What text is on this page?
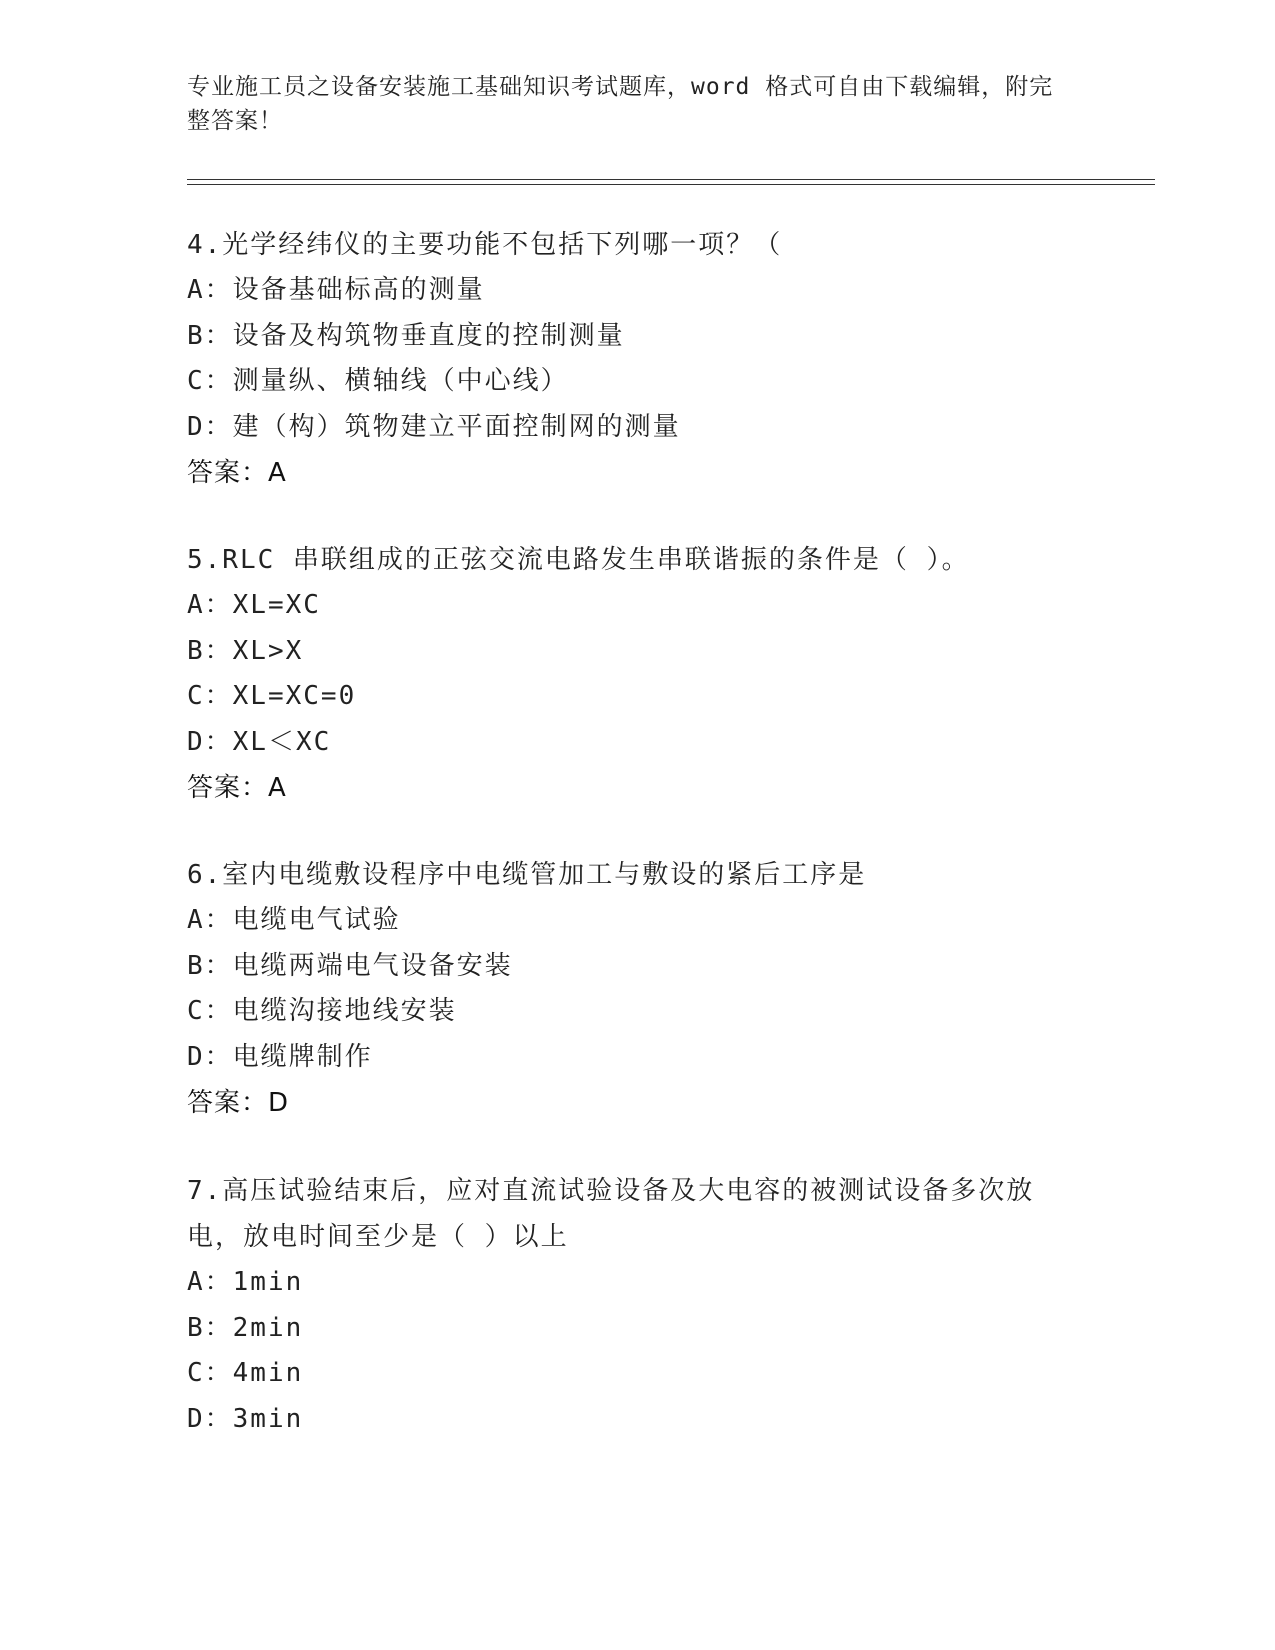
专业施工员之设备安装施工基础知识考试题库，word 格式可自由下载编辑，附完整答案！
4.光学经纬仪的主要功能不包括下列哪一项？（
A：设备基础标高的测量
B：设备及构筑物垂直度的控制测量
C：测量纵、横轴线（中心线）
D：建（构）筑物建立平面控制网的测量
答案：A
5.RLC 串联组成的正弦交流电路发生串联谐振的条件是（ ）。
A：XL=XC
B：XL>X
C：XL=XC=0
D：XL＜XC
答案：A
6.室内电缆敷设程序中电缆管加工与敷设的紧后工序是
A：电缆电气试验
B：电缆两端电气设备安装
C：电缆沟接地线安装
D：电缆牌制作
答案：D
7.高压试验结束后，应对直流试验设备及大电容的被测试设备多次放电，放电时间至少是（ ）以上
A：1min
B：2min
C：4min
D：3min
